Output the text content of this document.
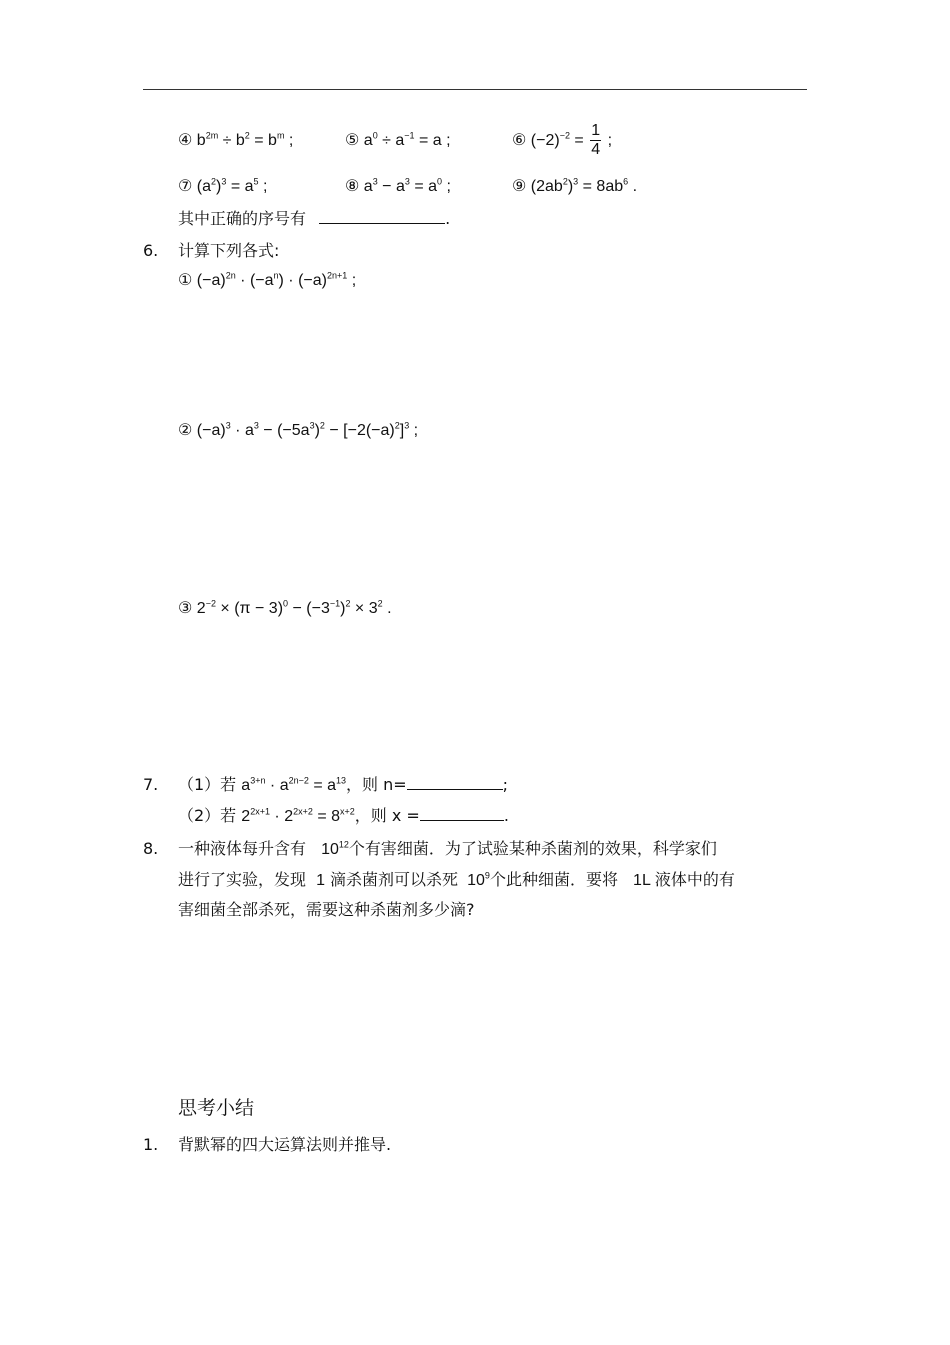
④ $b^{2m} \div b^2 = b^m$ ;	⑤ $a^0 \div a^{-1} = a$ ;	⑥ $(-2)^{-2} = \frac{1}{4}$ ;
⑦ $(a^2)^3 = a^5$ ;	⑧ $a^3 - a^3 = a^0$ ;	⑨ $(2ab^2)^3 = 8ab^6$ .
其中正确的序号有	.
6. 计算下列各式:
① $(-a)^{2n} \cdot (-a^n) \cdot (-a)^{2n+1}$ ;
② $(-a)^3 \cdot a^3 - (-5a^3)^2 - [-2(-a)^2]^3$ ;
③ $2^{-2} \times (\pi - 3)^0 - (-3^{-1})^2 \times 3^2$ .
7. （1）若 $a^{3+n} \cdot a^{2n-2} = a^{13}$，则 n=	;
（2）若 $2^{2x+1} \cdot 2^{2x+2} = 8^{x+2}$，则 x =	.
8. 一种液体每升含有 $10^{12}$个有害细菌．为了试验某种杀菌剂的效果，科学家们
进行了实验，发现 1 滴杀菌剂可以杀死 $10^9$个此种细菌．要将 1L 液体中的有
害细菌全部杀死，需要这种杀菌剂多少滴?
思考小结
1. 背默幂的四大运算法则并推导.
